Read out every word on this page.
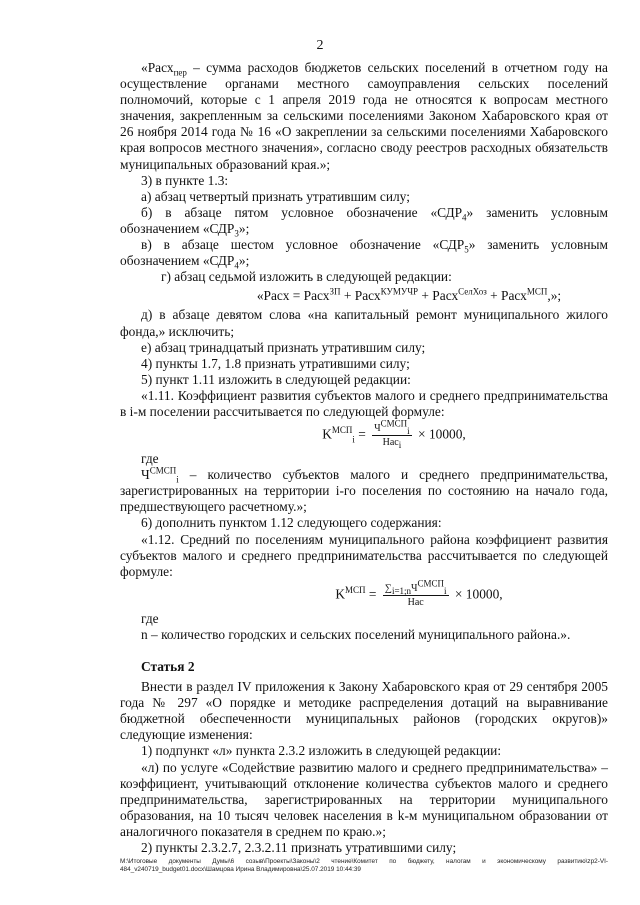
2

«Расх$_{пер}$ – сумма расходов бюджетов сельских поселений в отчетном году на осуществление органами местного самоуправления сельских поселений полномочий, которые с 1 апреля 2019 года не относятся к вопросам местного значения, закрепленным за сельскими поселениями Законом Хабаровского края от 26 ноября 2014 года № 16 «О закреплении за сельскими поселениями Хабаровского края вопросов местного значения», согласно своду реестров расходных обязательств муниципальных образований края.»;

3) в пункте 1.3:

а) абзац четвертый признать утратившим силу;

б) в абзаце пятом условное обозначение «$СДР_4$» заменить условным обозначением «$СДР_3$»;

в) в абзаце шестом условное обозначение «$СДР_5$» заменить условным обозначением «$СДР_4$»;

г) абзац седьмой изложить в следующей редакции:

«Расх = Расх$^{ЗП}$ + Расх$^{КУМУЧР}$ + Расх$^{СелХоз}$ + Расх$^{МСП}$,»;

д) в абзаце девятом слова «на капитальный ремонт муниципального жилого фонда,» исключить;

е) абзац тринадцатый признать утратившим силу;

4) пункты 1.7, 1.8 признать утратившими силу;

5) пункт 1.11 изложить в следующей редакции:

«1.11. Коэффициент развития субъектов малого и среднего предпринимательства в i-м поселении рассчитывается по следующей формуле:

$K^{МСП}_i = \frac{Ч^{СМСП}_i}{Нас_i} \times 10000$,

где

$Ч^{СМСП}_i$ – количество субъектов малого и среднего предпринимательства, зарегистрированных на территории i-го поселения по состоянию на начало года, предшествующего расчетному.»;

6) дополнить пунктом 1.12 следующего содержания:

«1.12. Средний по поселениям муниципального района коэффициент развития субъектов малого и среднего предпринимательства рассчитывается по следующей формуле:

$K^{МСП} = \frac{\sum_{i=1;n}Ч^{СМСП}_i}{\text{Нас}} \times 10000$,

где

n – количество городских и сельских поселений муниципального района.».

Статья 2

Внести в раздел IV приложения к Закону Хабаровского края от 29 сентября 2005 года № 297 «О порядке и методике распределения дотаций на выравнивание бюджетной обеспеченности муниципальных районов (городских округов)» следующие изменения:

1) подпункт «л» пункта 2.3.2 изложить в следующей редакции:

«л) по услуге «Содействие развитию малого и среднего предпринимательства» – коэффициент, учитывающий отклонение количества субъектов малого и среднего предпринимательства, зарегистрированных на территории муниципального образования, на 10 тысяч человек населения в k-м муниципальном образовании от аналогичного показателя в среднем по краю.»;

2) пункты 2.3.2.7, 2.3.2.11 признать утратившими силу;

M:\Итоговые документы Думы\6 созыв\Проекты\Законы\2 чтение\Комитет по бюджету, налогам и экономическому развитию\zp2-VI-484_v240719_budget01.docx\Шамцова Ирина Владимировна\25.07.2019 10:44:39
